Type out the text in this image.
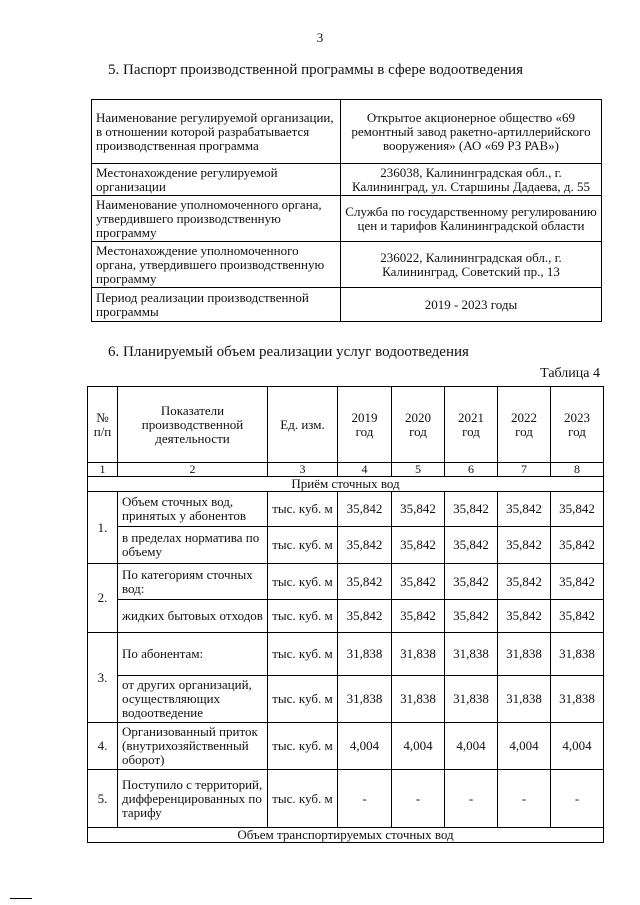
3
5. Паспорт производственной программы в сфере водоотведения
Наименование регулируемой организации, в отношении которой разрабатывается производственная программа	Открытое акционерное общество «69 ремонтный завод ракетно-артиллерийского вооружения» (АО «69 РЗ РАВ»)
Местонахождение регулируемой организации	236038, Калининградская обл., г. Калининград, ул. Старшины Дадаева, д. 55
Наименование уполномоченного органа, утвердившего производственную программу	Служба по государственному регулированию цен и тарифов Калининградской области
Местонахождение уполномоченного органа, утвердившего производственную программу	236022, Калининградская обл., г. Калининград, Советский пр., 13
Период реализации производственной программы	2019 - 2023 годы
6. Планируемый объем реализации услуг водоотведения
Таблица 4
№ п/п	Показатели производственной деятельности	Ед. изм.	2019 год	2020 год	2021 год	2022 год	2023 год
1	2	3	4	5	6	7	8
Приём сточных вод							
1.	Объем сточных вод, принятых у абонентов	тыс. куб. м	35,842	35,842	35,842	35,842	35,842
	в пределах норматива по объему	тыс. куб. м	35,842	35,842	35,842	35,842	35,842
2.	По категориям сточных вод:	тыс. куб. м	35,842	35,842	35,842	35,842	35,842
	жидких бытовых отходов	тыс. куб. м	35,842	35,842	35,842	35,842	35,842
3.	По абонентам:	тыс. куб. м	31,838	31,838	31,838	31,838	31,838
	от других организаций, осуществляющих водоотведение	тыс. куб. м	31,838	31,838	31,838	31,838	31,838
4.	Организованный приток (внутрихозяйственный оборот)	тыс. куб. м	4,004	4,004	4,004	4,004	4,004
5.	Поступило с территорий, дифференцированных по тарифу	тыс. куб. м	-	-	-	-	-
Объем транспортируемых сточных вод							
